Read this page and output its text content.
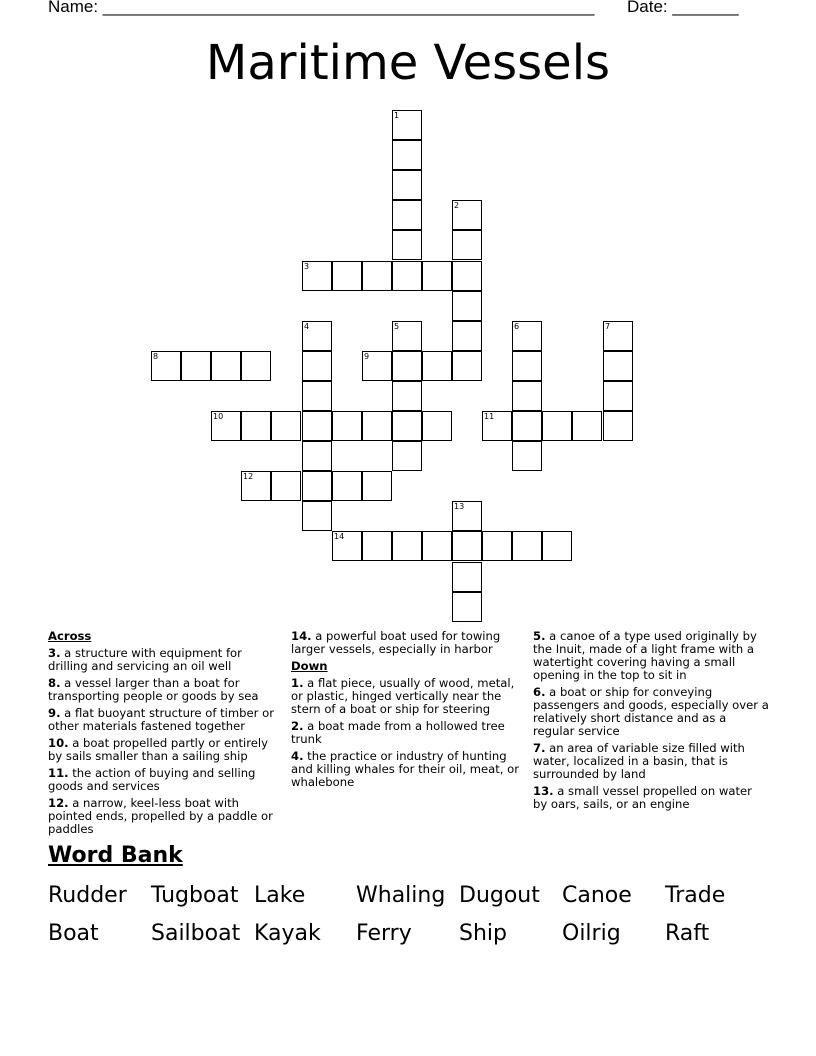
Name: ____________________________________________________ Date: _______
Maritime Vessels
1
2
3
4	5	6	7
8	9
10	11
12
13
14
Across
3. a structure with equipment for drilling and servicing an oil well
8. a vessel larger than a boat for transporting people or goods by sea
9. a flat buoyant structure of timber or other materials fastened together
10. a boat propelled partly or entirely by sails smaller than a sailing ship
11. the action of buying and selling goods and services
12. a narrow, keel-less boat with pointed ends, propelled by a paddle or paddles
14. a powerful boat used for towing larger vessels, especially in harbor
Down
1. a flat piece, usually of wood, metal, or plastic, hinged vertically near the stern of a boat or ship for steering
2. a boat made from a hollowed tree trunk
4. the practice or industry of hunting and killing whales for their oil, meat, or whalebone
5. a canoe of a type used originally by the Inuit, made of a light frame with a watertight covering having a small opening in the top to sit in
6. a boat or ship for conveying passengers and goods, especially over a relatively short distance and as a regular service
7. an area of variable size filled with water, localized in a basin, that is surrounded by land
13. a small vessel propelled on water by oars, sails, or an engine
Word Bank
Rudder Tugboat Lake Whaling Dugout Canoe Trade
Boat Sailboat Kayak Ferry Ship	Oilrig Raft
